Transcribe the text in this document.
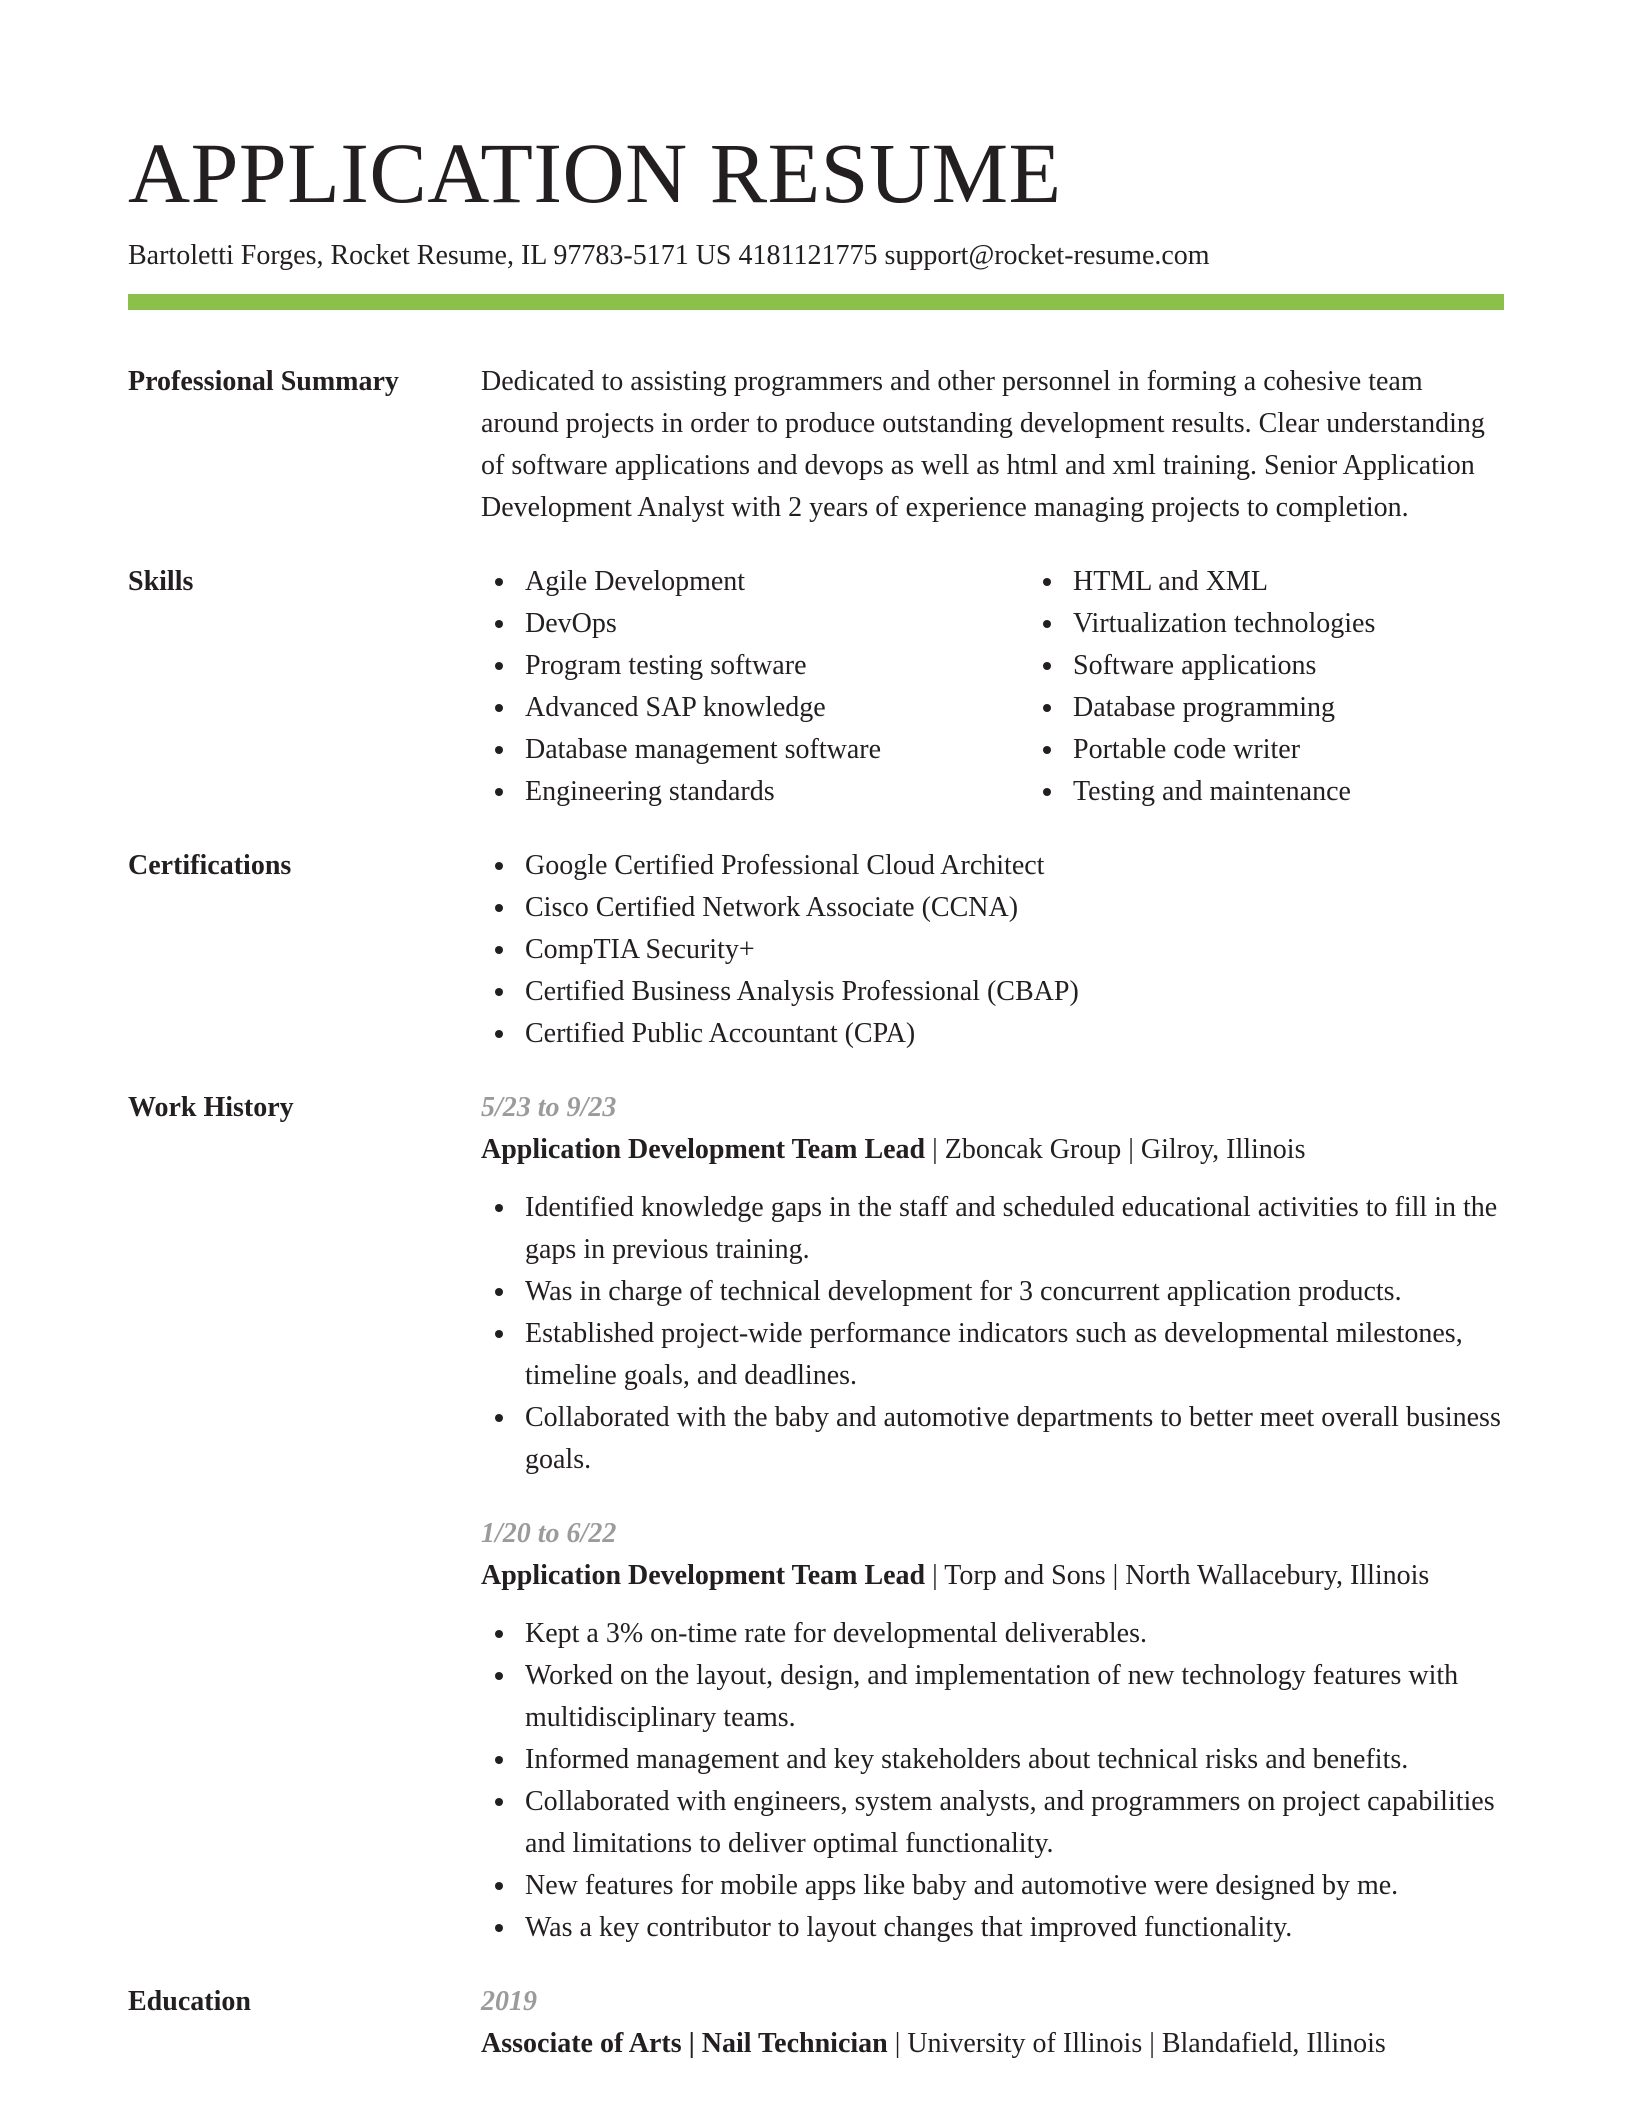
APPLICATION RESUME
Bartoletti Forges, Rocket Resume, IL 97783-5171 US 4181121775 support@rocket-resume.com
Professional Summary	Dedicated to assisting programmers and other personnel in forming a cohesive team around projects in order to produce outstanding development results. Clear understanding of software applications and devops as well as html and xml training. Senior Application Development Analyst with 2 years of experience managing projects to completion.
Skills	Agile Development
DevOps
Program testing software
Advanced SAP knowledge
Database management software
Engineering standards
HTML and XML
Virtualization technologies
Software applications
Database programming
Portable code writer
Testing and maintenance
Certifications	Google Certified Professional Cloud Architect
Cisco Certified Network Associate (CCNA)
CompTIA Security+
Certified Business Analysis Professional (CBAP)
Certified Public Accountant (CPA)
Work History	5/23 to 9/23
Application Development Team Lead | Zboncak Group | Gilroy, Illinois
Identified knowledge gaps in the staff and scheduled educational activities to fill in the gaps in previous training.
Was in charge of technical development for 3 concurrent application products.
Established project-wide performance indicators such as developmental milestones, timeline goals, and deadlines.
Collaborated with the baby and automotive departments to better meet overall business goals.
1/20 to 6/22
Application Development Team Lead | Torp and Sons | North Wallacebury, Illinois
Kept a 3% on-time rate for developmental deliverables.
Worked on the layout, design, and implementation of new technology features with multidisciplinary teams.
Informed management and key stakeholders about technical risks and benefits.
Collaborated with engineers, system analysts, and programmers on project capabilities and limitations to deliver optimal functionality.
New features for mobile apps like baby and automotive were designed by me.
Was a key contributor to layout changes that improved functionality.
Education	2019
Associate of Arts | Nail Technician | University of Illinois | Blandafield, Illinois
